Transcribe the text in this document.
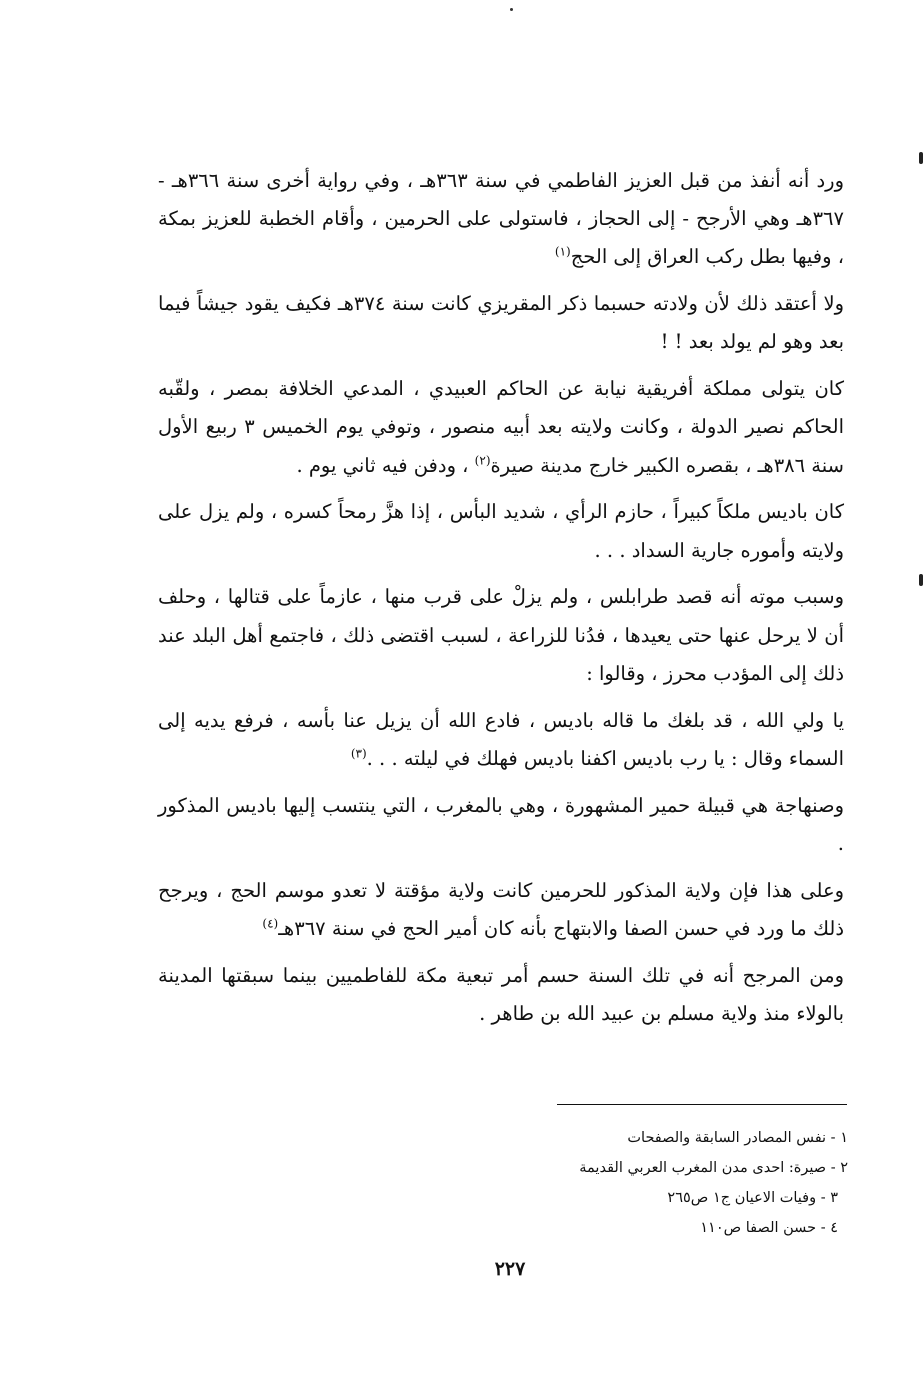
ورد أنه أنفذ من قبل العزيز الفاطمي في سنة ٣٦٣هـ ، وفي رواية أخرى سنة ٣٦٦هـ - ٣٦٧هـ وهي الأرجح - إلى الحجاز ، فاستولى على الحرمين ، وأقام الخطبة للعزيز بمكة ، وفيها بطل ركب العراق إلى الحج$^{(١)}$

ولا أعتقد ذلك لأن ولادته حسبما ذكر المقريزي كانت سنة ٣٧٤هـ فكيف يقود جيشاً فيما بعد وهو لم يولد بعد ! !

كان يتولى مملكة أفريقية نيابة عن الحاكم العبيدي ، المدعي الخلافة بمصر ، ولقّبه الحاكم نصير الدولة ، وكانت ولايته بعد أبيه منصور ، وتوفي يوم الخميس ٣ ربيع الأول سنة ٣٨٦هـ ، بقصره الكبير خارج مدينة صيرة$^{(٢)}$ ، ودفن فيه ثاني يوم .

كان باديس ملكاً كبيراً ، حازم الرأي ، شديد البأس ، إذا هزَّ رمحاً كسره ، ولم يزل على ولايته وأموره جارية السداد . . .

وسبب موته أنه قصد طرابلس ، ولم يزلْ على قرب منها ، عازماً على قتالها ، وحلف أن لا يرحل عنها حتى يعيدها ، فدُنا للزراعة ، لسبب اقتضى ذلك ، فاجتمع أهل البلد عند ذلك إلى المؤدب محرز ، وقالوا :

يا ولي الله ، قد بلغك ما قاله باديس ، فادع الله أن يزيل عنا بأسه ، فرفع يديه إلى السماء وقال : يا رب باديس اكفنا باديس فهلك في ليلته . . .$^{(٣)}$

وصنهاجة هي قبيلة حمير المشهورة ، وهي بالمغرب ، التي ينتسب إليها باديس المذكور .

وعلى هذا فإن ولاية المذكور للحرمين كانت ولاية مؤقتة لا تعدو موسم الحج ، ويرجح ذلك ما ورد في حسن الصفا والابتهاج بأنه كان أمير الحج في سنة ٣٦٧هـ$^{(٤)}$

ومن المرجح أنه في تلك السنة حسم أمر تبعية مكة للفاطميين بينما سبقتها المدينة بالولاء منذ ولاية مسلم بن عبيد الله بن طاهر .

١ - نفس المصادر السابقة والصفحات
٢ - صيرة: احدى مدن المغرب العربي القديمة
٣ - وفيات الاعيان ج١ ص٢٦٥
٤ - حسن الصفا ص١١٠
٢٢٧
